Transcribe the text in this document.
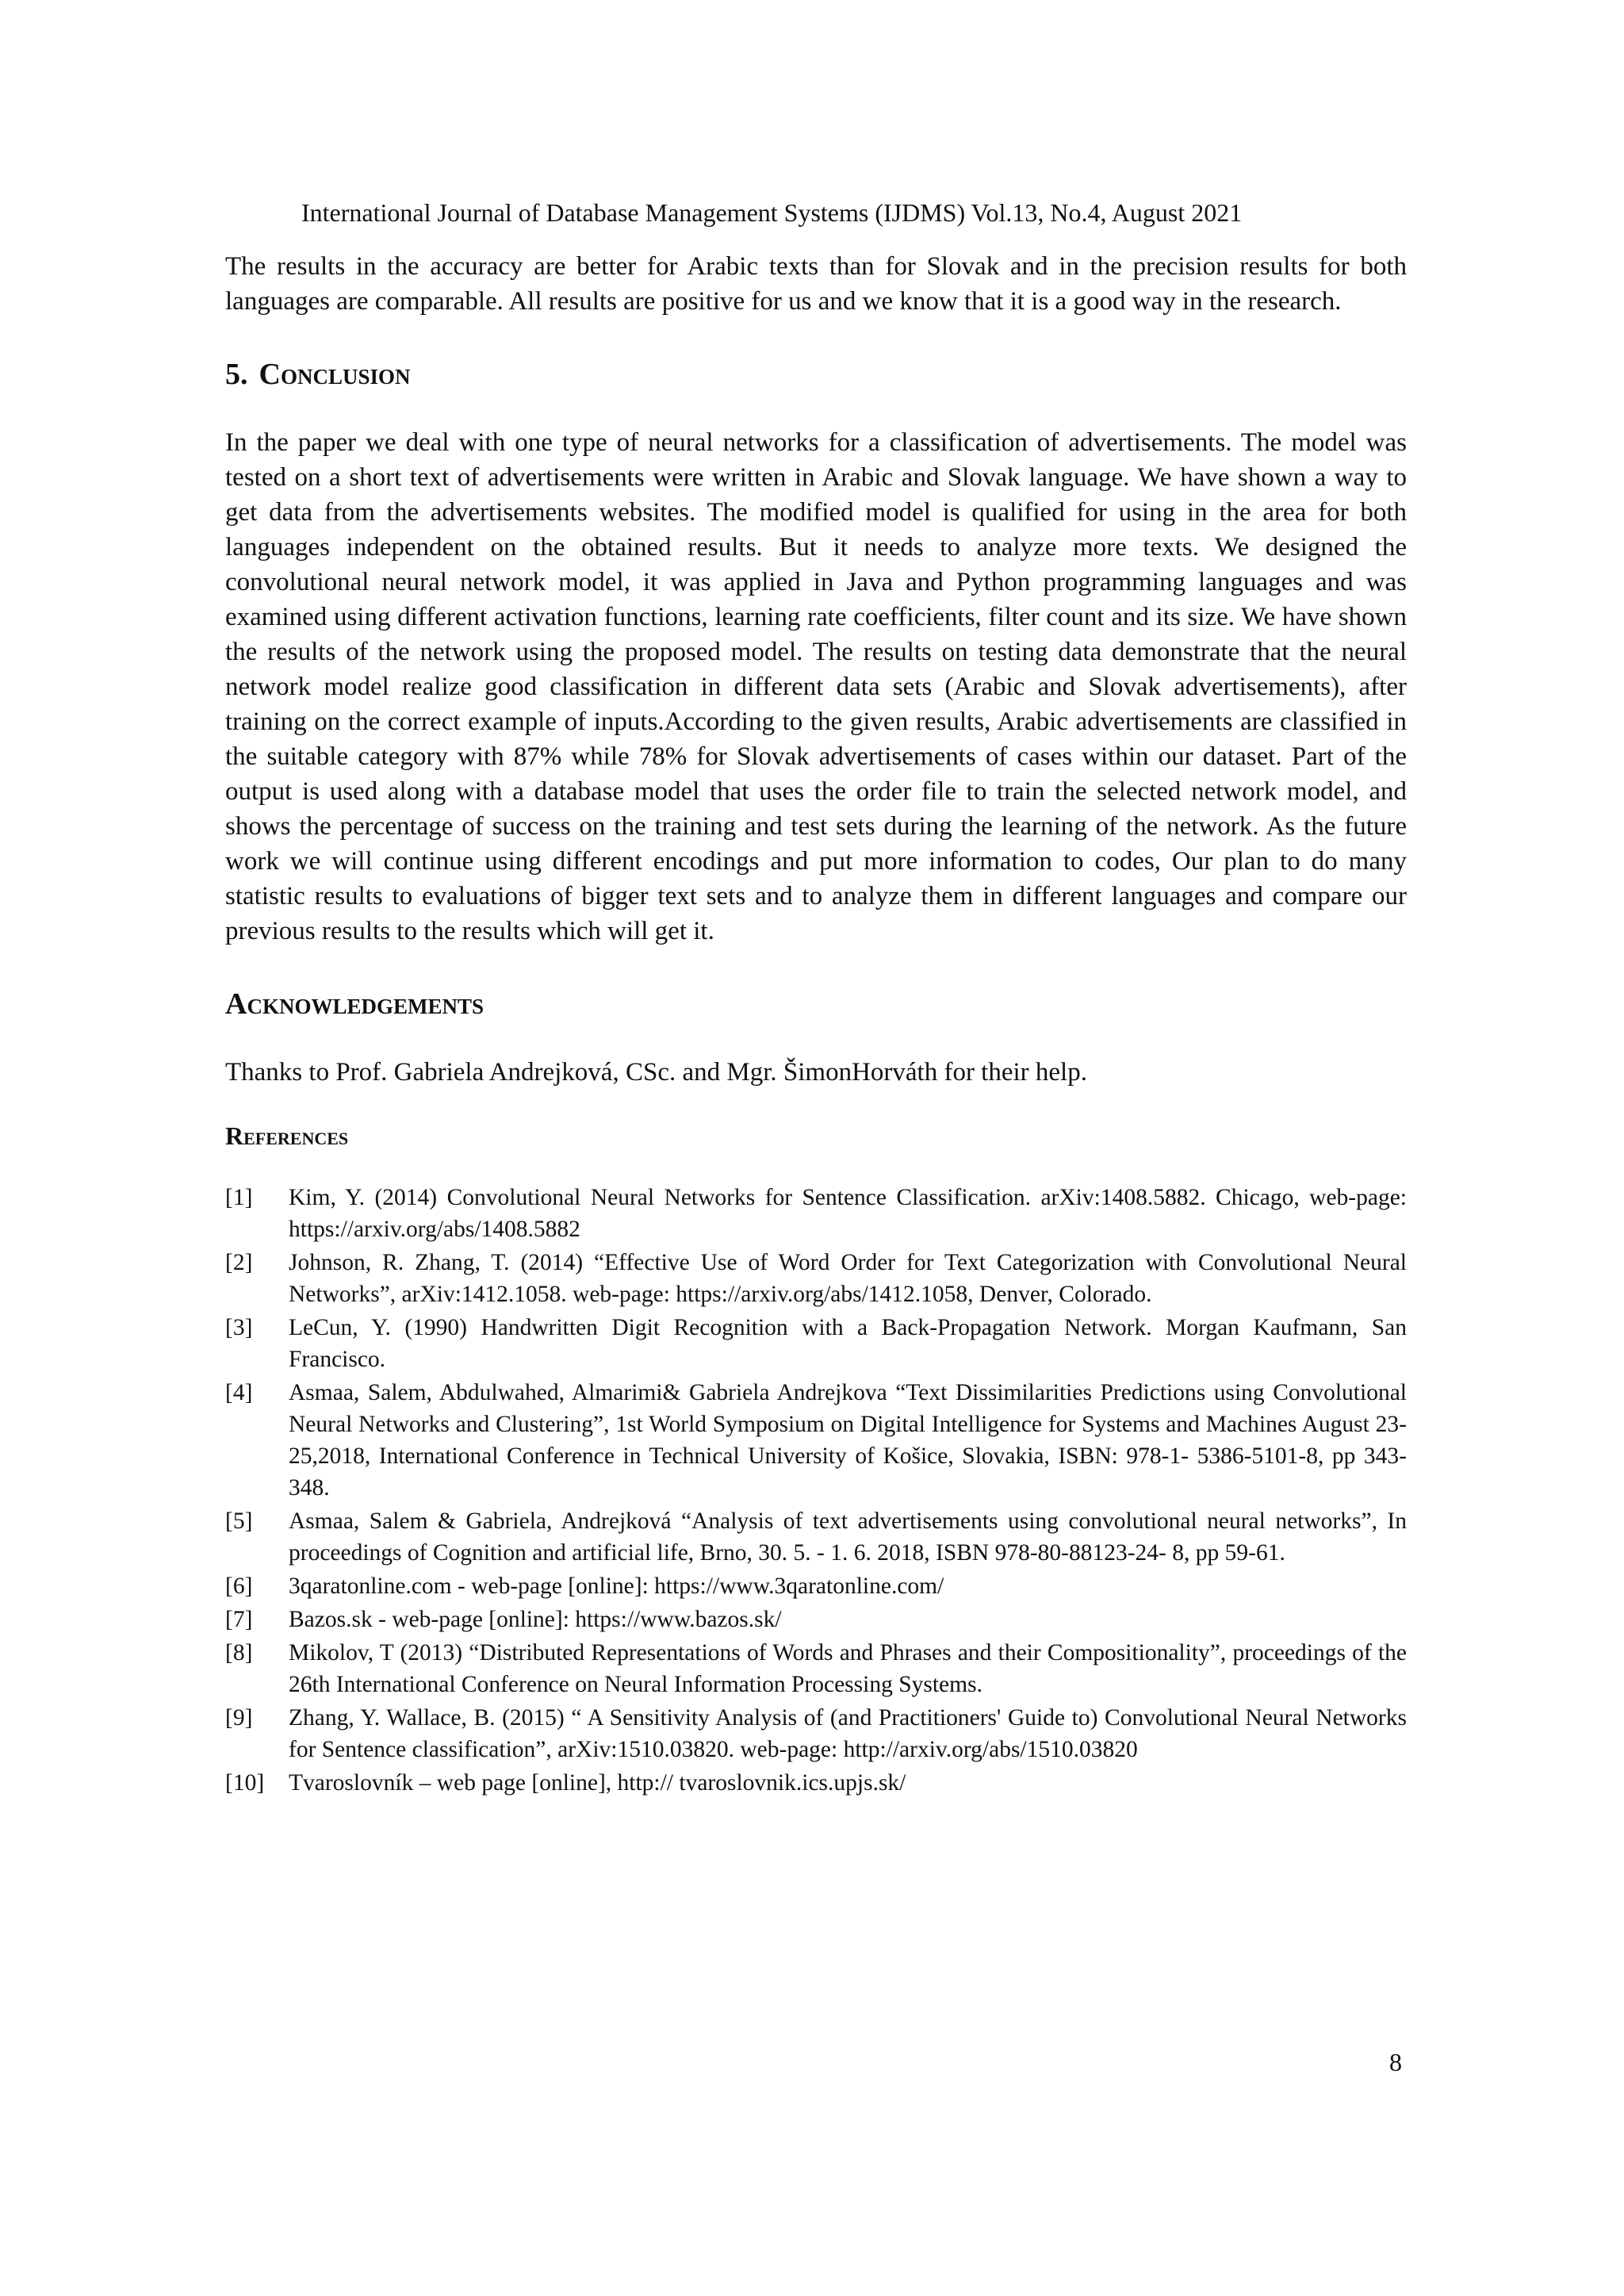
International Journal of Database Management Systems (IJDMS) Vol.13, No.4, August 2021

The results in the accuracy are better for Arabic texts than for Slovak and in the precision results for both languages are comparable. All results are positive for us and we know that it is a good way in the research.

5. Conclusion

In the paper we deal with one type of neural networks for a classification of advertisements. The model was tested on a short text of advertisements were written in Arabic and Slovak language. We have shown a way to get data from the advertisements websites. The modified model is qualified for using in the area for both languages independent on the obtained results. But it needs to analyze more texts. We designed the convolutional neural network model, it was applied in Java and Python programming languages and was examined using different activation functions, learning rate coefficients, filter count and its size. We have shown the results of the network using the proposed model. The results on testing data demonstrate that the neural network model realize good classification in different data sets (Arabic and Slovak advertisements), after training on the correct example of inputs.According to the given results, Arabic advertisements are classified in the suitable category with 87% while 78% for Slovak advertisements of cases within our dataset. Part of the output is used along with a database model that uses the order file to train the selected network model, and shows the percentage of success on the training and test sets during the learning of the network. As the future work we will continue using different encodings and put more information to codes, Our plan to do many statistic results to evaluations of bigger text sets and to analyze them in different languages and compare our previous results to the results which will get it.

Acknowledgements

Thanks to Prof. Gabriela Andrejková, CSc. and Mgr. ŠimonHorváth for their help.

References
[1]	Kim, Y. (2014) Convolutional Neural Networks for Sentence Classification. arXiv:1408.5882. Chicago, web-page: https://arxiv.org/abs/1408.5882
[2]	Johnson, R. Zhang, T. (2014) “Effective Use of Word Order for Text Categorization with Convolutional Neural Networks”, arXiv:1412.1058. web-page: https://arxiv.org/abs/1412.1058, Denver, Colorado.
[3]	LeCun, Y. (1990) Handwritten Digit Recognition with a Back-Propagation Network. Morgan Kaufmann, San Francisco.
[4]	Asmaa, Salem, Abdulwahed, Almarimi& Gabriela Andrejkova “Text Dissimilarities Predictions using Convolutional Neural Networks and Clustering”, 1st World Symposium on Digital Intelligence for Systems and Machines August 23-25,2018, International Conference in Technical University of Košice, Slovakia, ISBN: 978-1- 5386-5101-8, pp 343-348.
[5]	Asmaa, Salem & Gabriela, Andrejková “Analysis of text advertisements using convolutional neural networks”, In proceedings of Cognition and artificial life, Brno, 30. 5. - 1. 6. 2018, ISBN 978-80-88123-24- 8, pp 59-61.
[6]	3qaratonline.com - web-page [online]: https://www.3qaratonline.com/
[7]	Bazos.sk - web-page [online]: https://www.bazos.sk/
[8]	Mikolov, T (2013) “Distributed Representations of Words and Phrases and their Compositionality”, proceedings of the 26th International Conference on Neural Information Processing Systems.
[9]	Zhang, Y. Wallace, B. (2015) “ A Sensitivity Analysis of (and Practitioners' Guide to) Convolutional Neural Networks for Sentence classification”, arXiv:1510.03820. web-page: http://arxiv.org/abs/1510.03820
[10]	Tvaroslovník – web page [online], http:// tvaroslovnik.ics.upjs.sk/
8
